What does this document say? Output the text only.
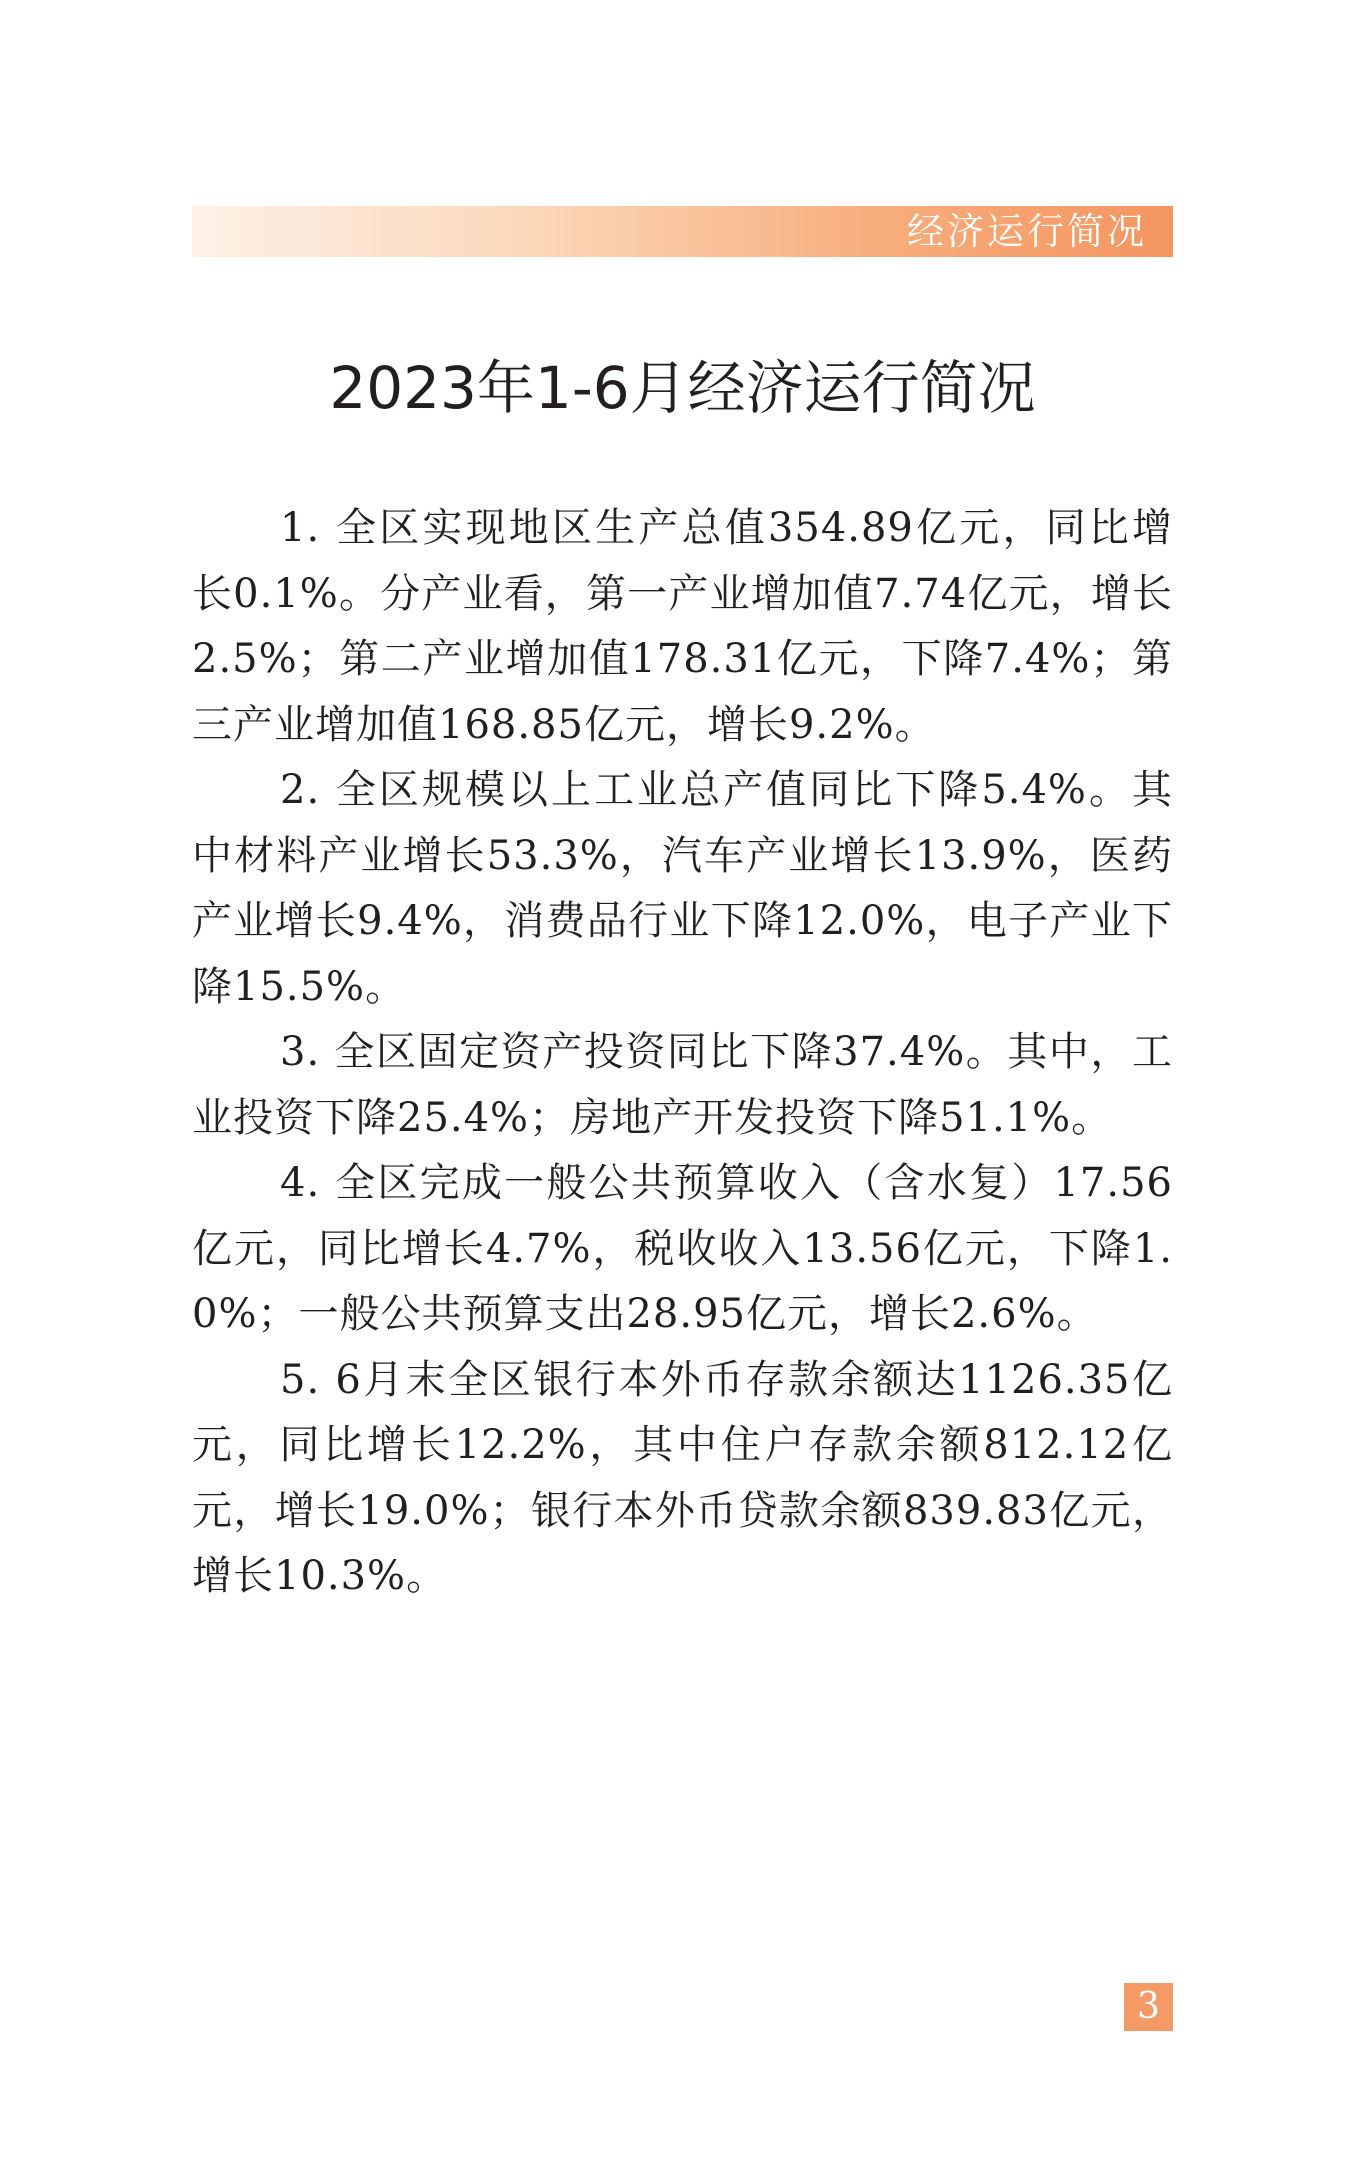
经济运行简况
2023年1-6月经济运行简况

1. 全区实现地区生产总值354.89亿元，同比增长0.1%。分产业看，第一产业增加值7.74亿元，增长2.5%；第二产业增加值178.31亿元，下降7.4%；第三产业增加值168.85亿元，增长9.2%。

2. 全区规模以上工业总产值同比下降5.4%。其中材料产业增长53.3%，汽车产业增长13.9%，医药产业增长9.4%，消费品行业下降12.0%，电子产业下降15.5%。

3. 全区固定资产投资同比下降37.4%。其中，工业投资下降25.4%；房地产开发投资下降51.1%。

4. 全区完成一般公共预算收入（含水复）17.56亿元，同比增长4.7%，税收收入13.56亿元，下降1.0%；一般公共预算支出28.95亿元，增长2.6%。

5. 6月末全区银行本外币存款余额达1126.35亿元，同比增长12.2%，其中住户存款余额812.12亿元，增长19.0%；银行本外币贷款余额839.83亿元，增长10.3%。

3
